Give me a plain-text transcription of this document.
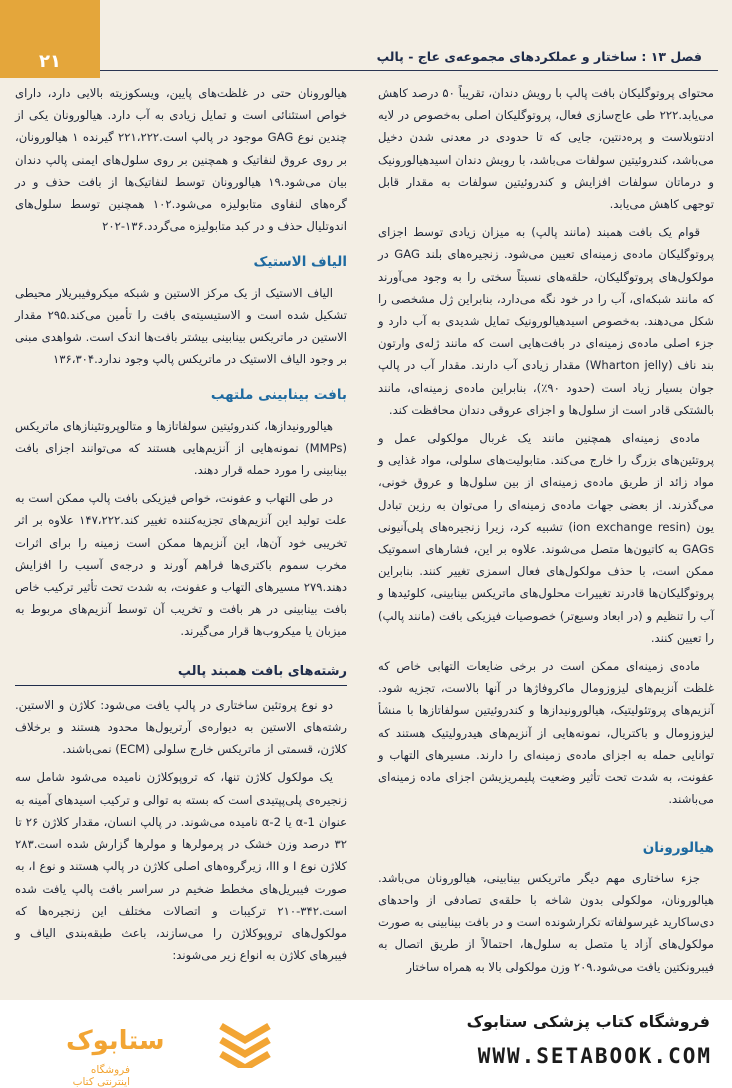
۲۱	فصل ۱۳ : ساختار و عملکردهای مجموعه‌ی عاج - پالپ

محتوای پروتوگلیکان بافت پالپ با رویش دندان، تقریباً ۵۰ درصد کاهش می‌یابد.۲۲۲ طی عاج‌سازی فعال، پروتوگلیکان اصلی به‌خصوص در لایه ادنتوبلاست و پره‌دنتین، جایی که تا حدودی در معدنی شدن دخیل می‌باشد، کندروئیتین سولفات می‌باشد، با رویش دندان اسیدهیالورونیک و درماتان سولفات افزایش و کندروئیتین سولفات به مقدار قابل توجهی کاهش می‌یابد.

قوام یک بافت همبند (مانند پالپ) به میزان زیادی توسط اجزای پروتوگلیکان ماده‌ی زمینه‌ای تعیین می‌شود. زنجیره‌های بلند GAG در مولکول‌های پروتوگلیکان، حلقه‌های نسبتاً سختی را به وجود می‌آورند که مانند شبکه‌ای، آب را در خود نگه می‌دارد، بنابراین ژل مشخصی را شکل می‌دهند. به‌خصوص اسیدهیالورونیک تمایل شدیدی به آب دارد و جزء اصلی ماده‌ی زمینه‌ای در بافت‌هایی است که مانند ژله‌ی وارتون بند ناف (Wharton jelly) مقدار زیادی آب دارند. مقدار آب در پالپ جوان بسیار زیاد است (حدود ۹۰٪)، بنابراین ماده‌ی زمینه‌ای، مانند بالشتکی قادر است از سلول‌ها و اجزای عروقی دندان محافظت کند.

ماده‌ی زمینه‌ای همچنین مانند یک غربال مولکولی عمل و پروتئین‌های بزرگ را خارج می‌کند. متابولیت‌های سلولی، مواد غذایی و مواد زائد از طریق ماده‌ی زمینه‌ای از بین سلول‌ها و عروق خونی، می‌گذرند. از بعضی جهات ماده‌ی زمینه‌ای را می‌توان به رزین تبادل یون (ion exchange resin) تشبیه کرد، زیرا زنجیره‌های پلی‌آنیونی GAGs به کاتیون‌ها متصل می‌شوند. علاوه بر این، فشارهای اسموتیک ممکن است، با حذف مولکول‌های فعال اسمزی تغییر کنند. بنابراین پروتوگلیکان‌ها قادرند تغییرات محلول‌های ماتریکس بینابینی، کلوئیدها و آب را تنظیم و (در ابعاد وسیع‌تر) خصوصیات فیزیکی بافت (مانند پالپ) را تعیین کنند.

ماده‌ی زمینه‌ای ممکن است در برخی ضایعات التهابی خاص که غلظت آنزیم‌های لیزوزومال ماکروفاژها در آنها بالاست، تجزیه شود. آنزیم‌های پروتئولیتیک، هیالورونیدازها و کندروئیتین سولفاتازها با منشأ لیزوزومال و باکتریال، نمونه‌هایی از آنزیم‌های هیدرولیتیک هستند که توانایی حمله به اجزای ماده‌ی زمینه‌ای را دارند. مسیرهای التهاب و عفونت، به شدت تحت تأثیر وضعیت پلیمریزیشن اجزای ماده زمینه‌ای می‌باشند.

هیالورونان

جزء ساختاری مهم دیگر ماتریکس بینابینی، هیالورونان می‌باشد. هیالورونان، مولکولی بدون شاخه با حلقه‌ی تصادفی از واحدهای دی‌ساکارید غیرسولفاته تکرارشونده است و در بافت بینابینی به صورت مولکول‌های آزاد یا متصل به سلول‌ها، احتمالاً از طریق اتصال به فیبرونکتین یافت می‌شود.۲۰۹ وزن مولکولی بالا به همراه ساختار

هیالورونان حتی در غلظت‌های پایین، ویسکوزیته بالایی دارد، دارای خواص استئنائی است و تمایل زیادی به آب دارد. هیالورونان یکی از چندین نوع GAG موجود در پالپ است.۲۲۱،۲۲۲ گیرنده ۱ هیالورونان، بر روی عروق لنفاتیک و همچنین بر روی سلول‌های ایمنی پالپ دندان بیان می‌شود.۱۹ هیالورونان توسط لنفاتیک‌ها از بافت حذف و در گره‌های لنفاوی متابولیزه می‌شود.۱۰۲ همچنین توسط سلول‌های اندوتلیال حذف و در کبد متابولیزه می‌گردد.۱۳۶-۲۰۲

الیاف الاستیک

الیاف الاستیک از یک مرکز الاستین و شبکه میکروفیبریلار محیطی تشکیل شده است و الاستیسیته‌ی بافت را تأمین می‌کند.۲۹۵ مقدار الاستین در ماتریکس بینابینی بیشتر بافت‌ها اندک است. شواهدی مبنی بر وجود الیاف الاستیک در ماتریکس پالپ وجود ندارد.۱۳۶،۳۰۴

بافت بینابینی ملتهب

هیالورونیدازها، کندروئیتین سولفاتازها و متالوپروتئینازهای ماتریکس (MMPs) نمونه‌هایی از آنزیم‌هایی هستند که می‌توانند اجزای بافت بینابینی را مورد حمله قرار دهند.

در طی التهاب و عفونت، خواص فیزیکی بافت پالپ ممکن است به علت تولید این آنزیم‌های تجزیه‌کننده تغییر کند.۱۴۷،۲۲۲ علاوه بر اثر تخریبی خود آن‌ها، این آنزیم‌ها ممکن است زمینه را برای اثرات مخرب سموم باکتری‌ها فراهم آورند و درجه‌ی آسیب را افزایش دهند.۲۷۹ مسیرهای التهاب و عفونت، به شدت تحت تأثیر ترکیب خاص بافت بینابینی در هر بافت و تخریب آن توسط آنزیم‌های مربوط به میزبان یا میکروب‌ها قرار می‌گیرند.

رشته‌های بافت همبند پالپ

دو نوع پروتئین ساختاری در پالپ یافت می‌شود: کلاژن و الاستین. رشته‌های الاستین به دیواره‌ی آرتریول‌ها محدود هستند و برخلاف کلاژن، قسمتی از ماتریکس خارج سلولی (ECM) نمی‌باشند.

یک مولکول کلاژن تنها، که تروپوکلاژن نامیده می‌شود شامل سه زنجیره‌ی پلی‌پپتیدی است که بسته به توالی و ترکیب اسیدهای آمینه به عنوان α-1 یا α-2 نامیده می‌شوند. در پالپ انسان، مقدار کلاژن ۲۶ تا ۳۲ درصد وزن خشک در پرمولرها و مولرها گزارش شده است.۲۸۳ کلاژن نوع I و III، زیرگروه‌های اصلی کلاژن در پالپ هستند و نوع I، به صورت فیبریل‌های مخطط ضخیم در سراسر بافت پالپ یافت شده است.۳۴۲-۲۱۰ ترکیبات و اتصالات مختلف این زنجیره‌ها که مولکول‌های تروپوکلاژن را می‌سازند، باعث طبقه‌بندی الیاف و فیبرهای کلاژن به انواع زیر می‌شوند:

ستابوک
فروشگاه اینترنتی کتاب
فروشگاه کتاب پزشکی ستابوک
WWW.SETABOOK.COM
